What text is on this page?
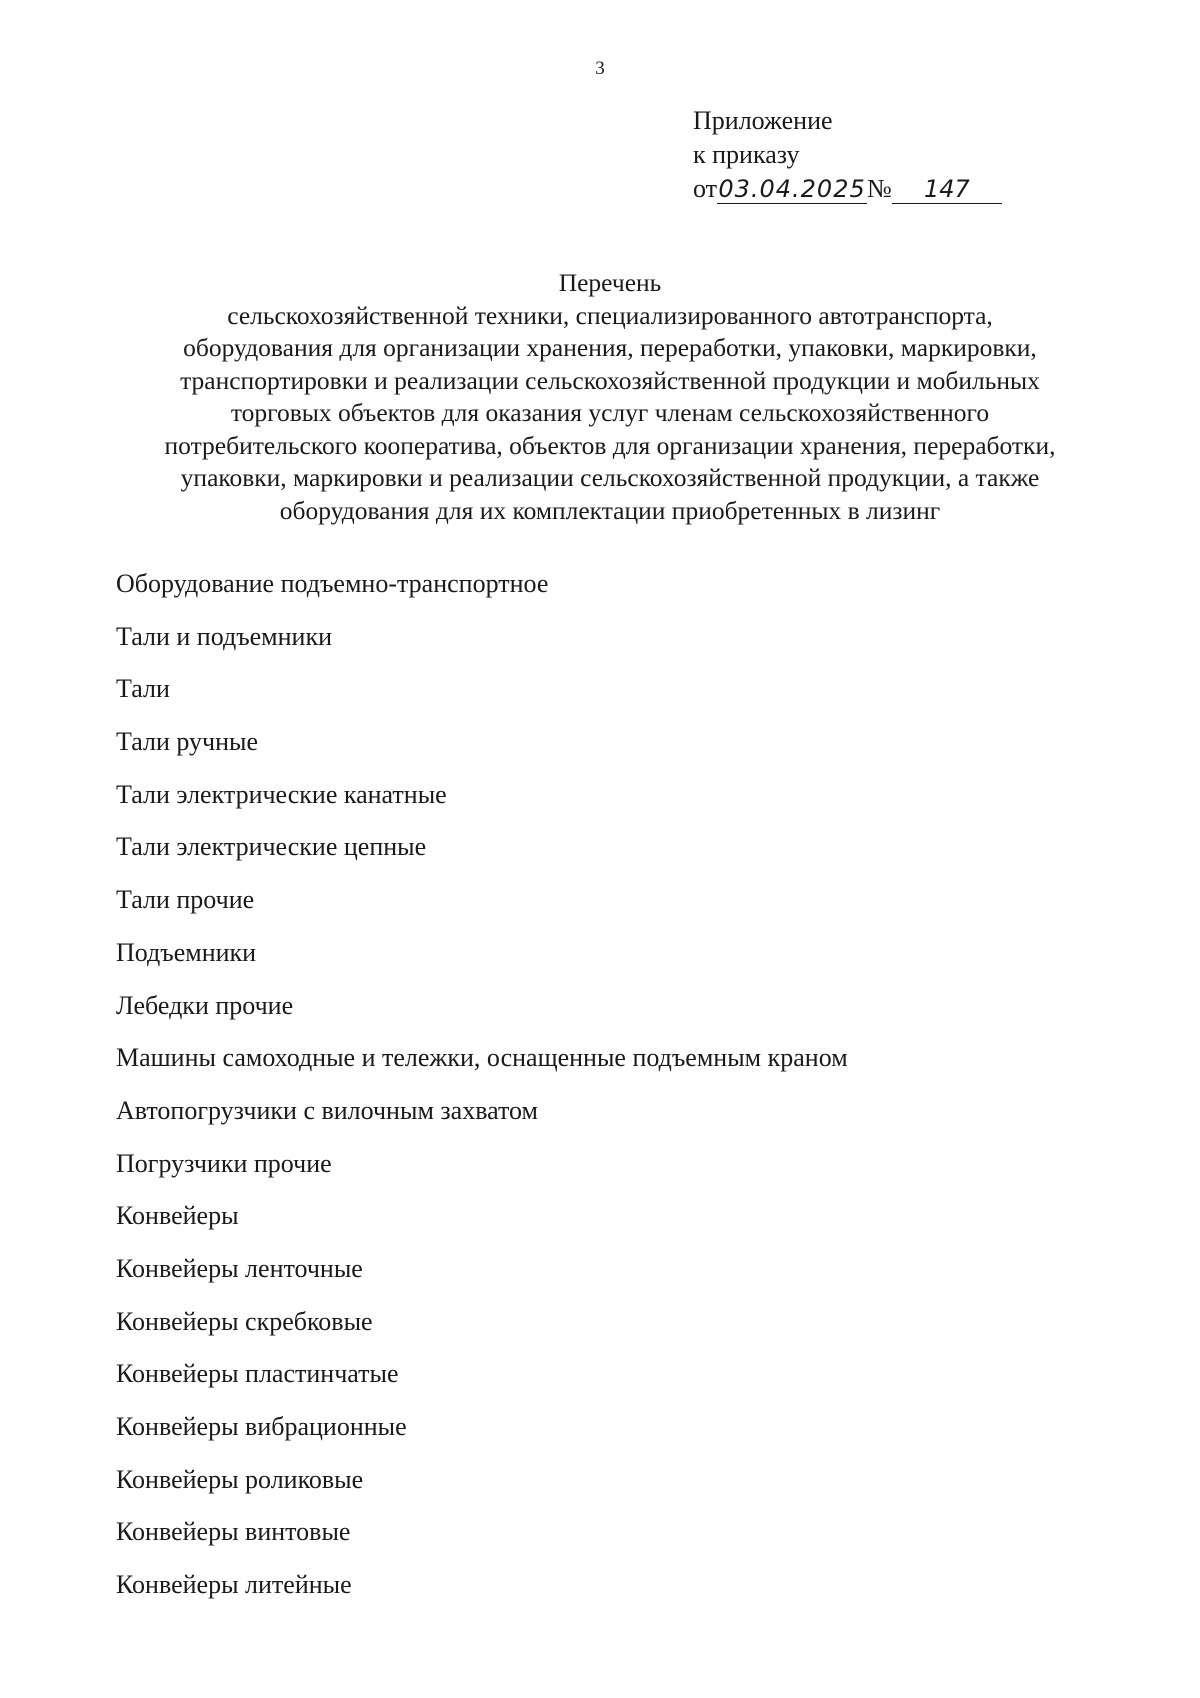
3
Приложение
к приказу
от03.04.2025№ 147
Перечень
сельскохозяйственной техники, специализированного автотранспорта,
оборудования для организации хранения, переработки, упаковки, маркировки,
транспортировки и реализации сельскохозяйственной продукции и мобильных
торговых объектов для оказания услуг членам сельскохозяйственного
потребительского кооператива, объектов для организации хранения, переработки,
упаковки, маркировки и реализации сельскохозяйственной продукции, а также
оборудования для их комплектации приобретенных в лизинг
Оборудование подъемно-транспортное
Тали и подъемники
Тали
Тали ручные
Тали электрические канатные
Тали электрические цепные
Тали прочие
Подъемники
Лебедки прочие
Машины самоходные и тележки, оснащенные подъемным краном
Автопогрузчики с вилочным захватом
Погрузчики прочие
Конвейеры
Конвейеры ленточные
Конвейеры скребковые
Конвейеры пластинчатые
Конвейеры вибрационные
Конвейеры роликовые
Конвейеры винтовые
Конвейеры литейные
